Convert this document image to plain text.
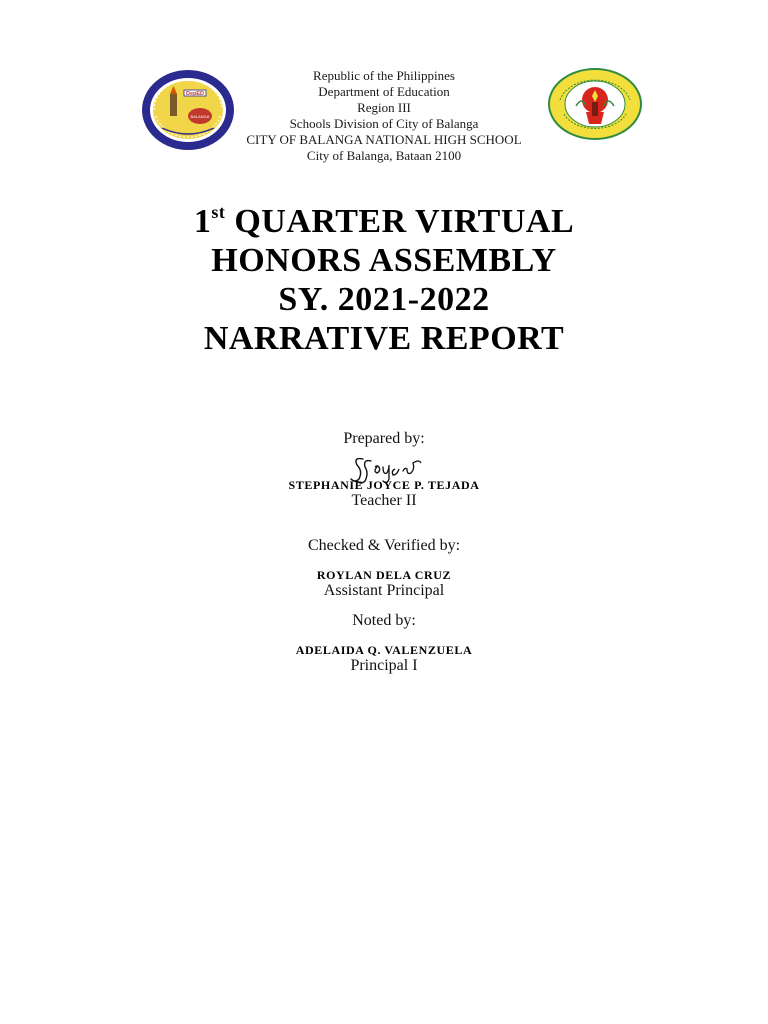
DepED
BALANGA
Republic of the Philippines
Department of Education
Region III
Schools Division of City of Balanga
CITY OF BALANGA NATIONAL HIGH SCHOOL
City of Balanga, Bataan 2100
1st QUARTER VIRTUAL
HONORS ASSEMBLY
SY. 2021-2022
NARRATIVE REPORT
Prepared by:
STEPHANIE JOYCE P. TEJADA
Teacher II
Checked & Verified by:
ROYLAN DELA CRUZ
Assistant Principal
Noted by:
ADELAIDA Q. VALENZUELA
Principal I
